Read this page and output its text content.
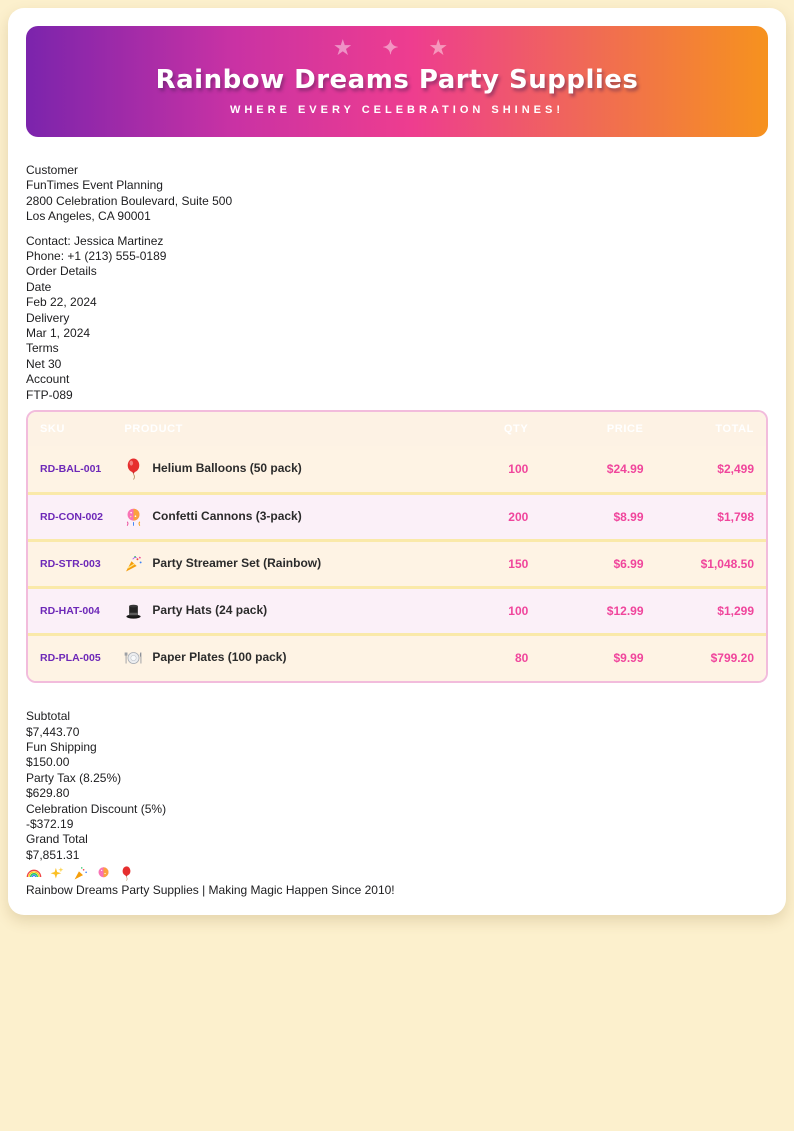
★ ✦ ★
Rainbow Dreams Party Supplies
WHERE EVERY CELEBRATION SHINES!
Customer
FunTimes Event Planning
2800 Celebration Boulevard, Suite 500
Los Angeles, CA 90001
Contact: Jessica Martinez
Phone: +1 (213) 555-0189
Order Details
Date
Feb 22, 2024
Delivery
Mar 1, 2024
Terms
Net 30
Account
FTP-089
SKU	PRODUCT	QTY	PRICE	TOTAL
RD-BAL-001	Helium Balloons (50 pack)	100	$24.99	$2,499
RD-CON-002	Confetti Cannons (3-pack)	200	$8.99	$1,798
RD-STR-003	Party Streamer Set (Rainbow)	150	$6.99	$1,048.50
RD-HAT-004	Party Hats (24 pack)	100	$12.99	$1,299
RD-PLA-005	Paper Plates (100 pack)	80	$9.99	$799.20
Subtotal
$7,443.70
Fun Shipping
$150.00
Party Tax (8.25%)
$629.80
Celebration Discount (5%)
-$372.19
Grand Total
$7,851.31

Rainbow Dreams Party Supplies | Making Magic Happen Since 2010!
